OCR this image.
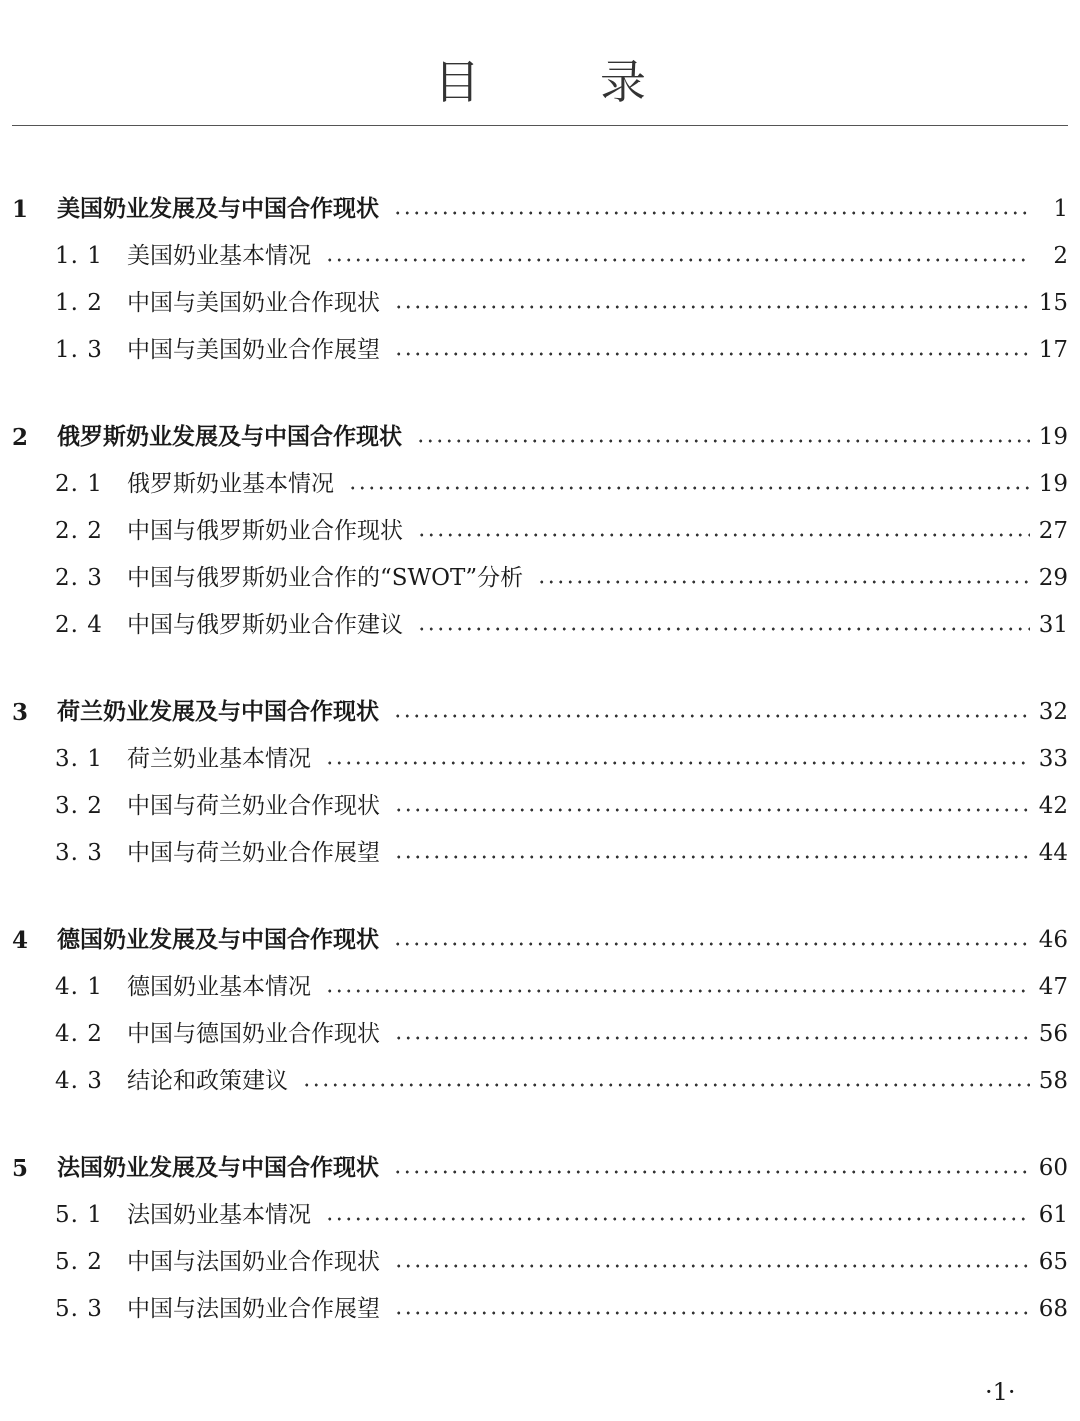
目	录
1	美国奶业发展及与中国合作现状	1
1. 1	美国奶业基本情况	2
1. 2	中国与美国奶业合作现状	15
1. 3	中国与美国奶业合作展望	17
2	俄罗斯奶业发展及与中国合作现状	19
2. 1	俄罗斯奶业基本情况	19
2. 2	中国与俄罗斯奶业合作现状	27
2. 3	中国与俄罗斯奶业合作的“SWOT”分析	29
2. 4	中国与俄罗斯奶业合作建议	31
3	荷兰奶业发展及与中国合作现状	32
3. 1	荷兰奶业基本情况	33
3. 2	中国与荷兰奶业合作现状	42
3. 3	中国与荷兰奶业合作展望	44
4	德国奶业发展及与中国合作现状	46
4. 1	德国奶业基本情况	47
4. 2	中国与德国奶业合作现状	56
4. 3	结论和政策建议	58
5	法国奶业发展及与中国合作现状	60
5. 1	法国奶业基本情况	61
5. 2	中国与法国奶业合作现状	65
5. 3	中国与法国奶业合作展望	68
·1·
